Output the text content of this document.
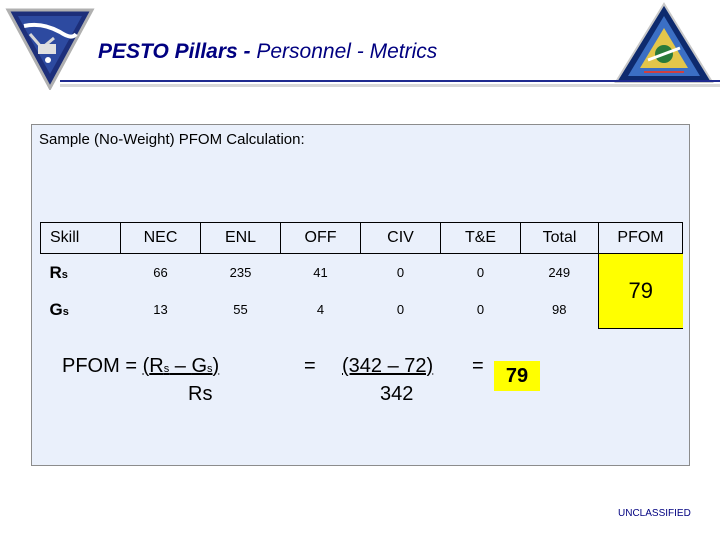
PESTO Pillars - Personnel - Metrics
Sample (No-Weight) PFOM Calculation:
Skill	NEC	ENL	OFF	CIV	T&E	Total	PFOM
Rs	66	235	41	0	0	249	79
Gs	13	55	4	0	0	98	
PFOM = (Rs – Gs)
Rs
= (342 – 72) =
342
79
UNCLASSIFIED
